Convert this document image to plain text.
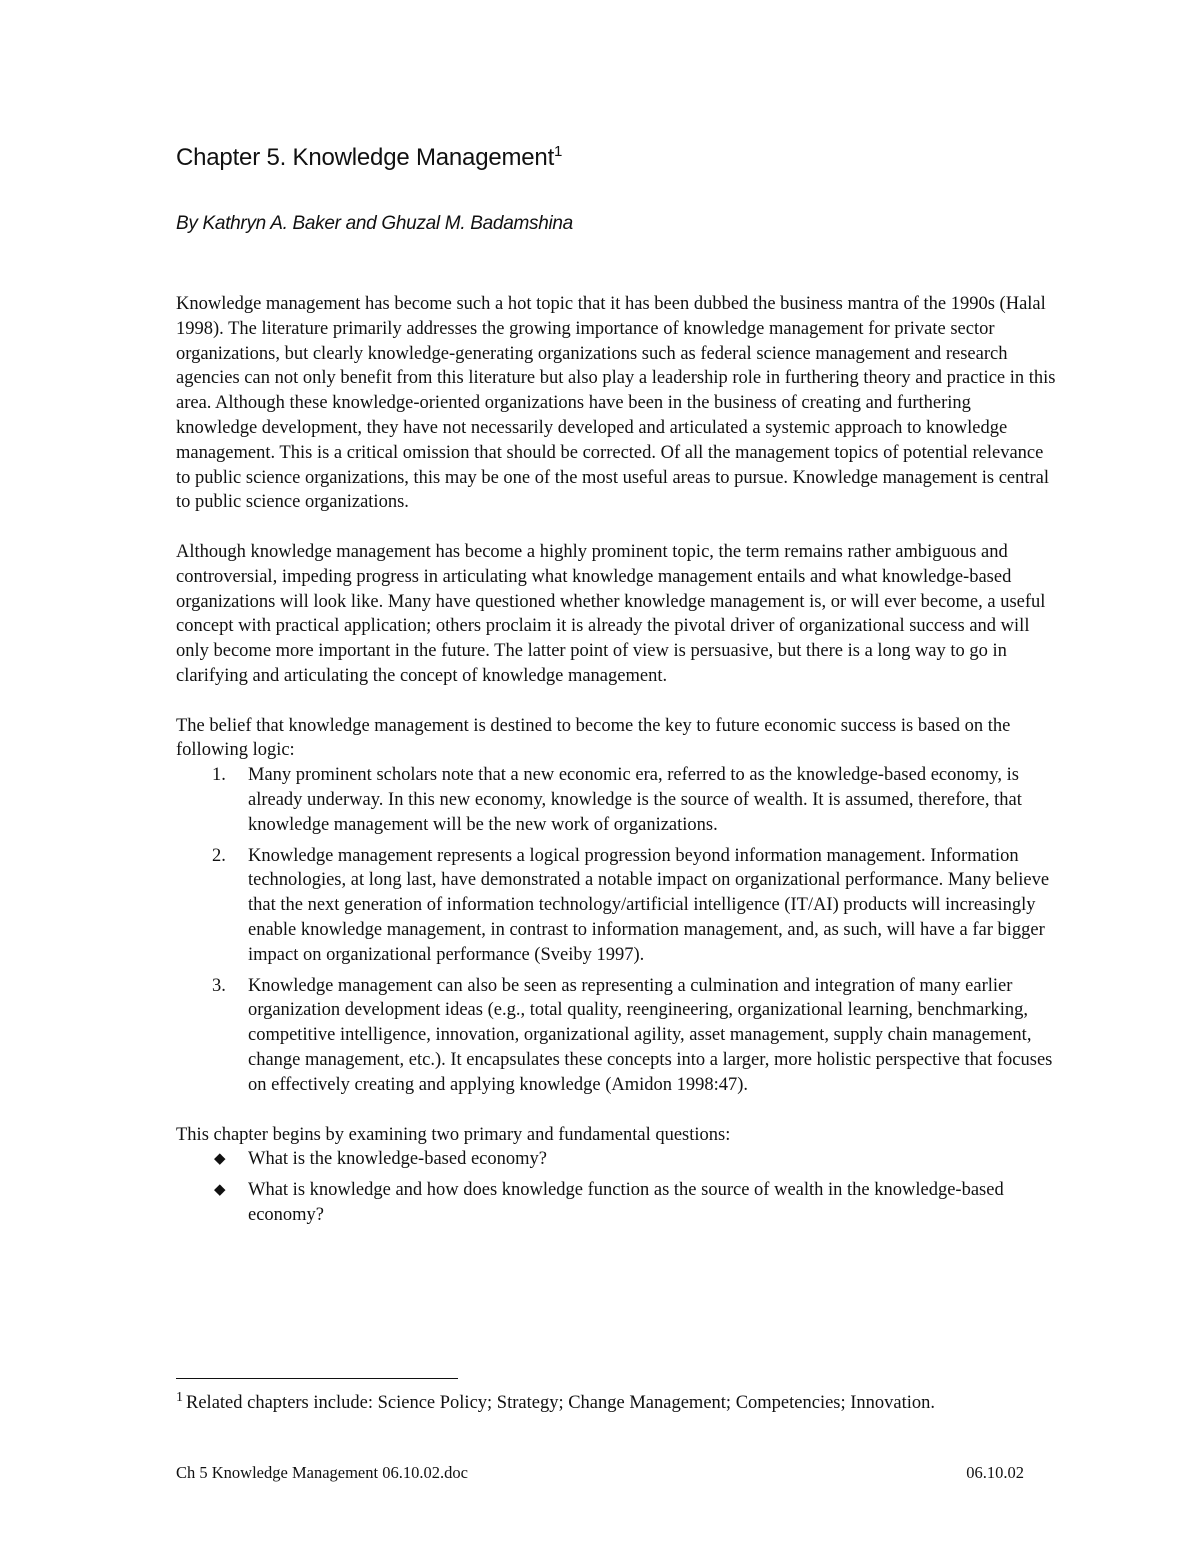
Chapter 5. Knowledge Management$^1$

By Kathryn A. Baker and Ghuzal M. Badamshina

Knowledge management has become such a hot topic that it has been dubbed the business mantra of the 1990s (Halal 1998). The literature primarily addresses the growing importance of knowledge management for private sector organizations, but clearly knowledge-generating organizations such as federal science management and research agencies can not only benefit from this literature but also play a leadership role in furthering theory and practice in this area. Although these knowledge-oriented organizations have been in the business of creating and furthering knowledge development, they have not necessarily developed and articulated a systemic approach to knowledge management. This is a critical omission that should be corrected. Of all the management topics of potential relevance to public science organizations, this may be one of the most useful areas to pursue. Knowledge management is central to public science organizations.

Although knowledge management has become a highly prominent topic, the term remains rather ambiguous and controversial, impeding progress in articulating what knowledge management entails and what knowledge-based organizations will look like. Many have questioned whether knowledge management is, or will ever become, a useful concept with practical application; others proclaim it is already the pivotal driver of organizational success and will only become more important in the future. The latter point of view is persuasive, but there is a long way to go in clarifying and articulating the concept of knowledge management.

The belief that knowledge management is destined to become the key to future economic success is based on the following logic:

1. Many prominent scholars note that a new economic era, referred to as the knowledge-based economy, is already underway. In this new economy, knowledge is the source of wealth. It is assumed, therefore, that knowledge management will be the new work of organizations.
2. Knowledge management represents a logical progression beyond information management. Information technologies, at long last, have demonstrated a notable impact on organizational performance. Many believe that the next generation of information technology/artificial intelligence (IT/AI) products will increasingly enable knowledge management, in contrast to information management, and, as such, will have a far bigger impact on organizational performance (Sveiby 1997).
3. Knowledge management can also be seen as representing a culmination and integration of many earlier organization development ideas (e.g., total quality, reengineering, organizational learning, benchmarking, competitive intelligence, innovation, organizational agility, asset management, supply chain management, change management, etc.). It encapsulates these concepts into a larger, more holistic perspective that focuses on effectively creating and applying knowledge (Amidon 1998:47).

This chapter begins by examining two primary and fundamental questions:

◆ What is the knowledge-based economy?
◆ What is knowledge and how does knowledge function as the source of wealth in the knowledge-based economy?
$^1$ Related chapters include: Science Policy; Strategy; Change Management; Competencies; Innovation.
Ch 5 Knowledge Management 06.10.02.doc	06.10.02
